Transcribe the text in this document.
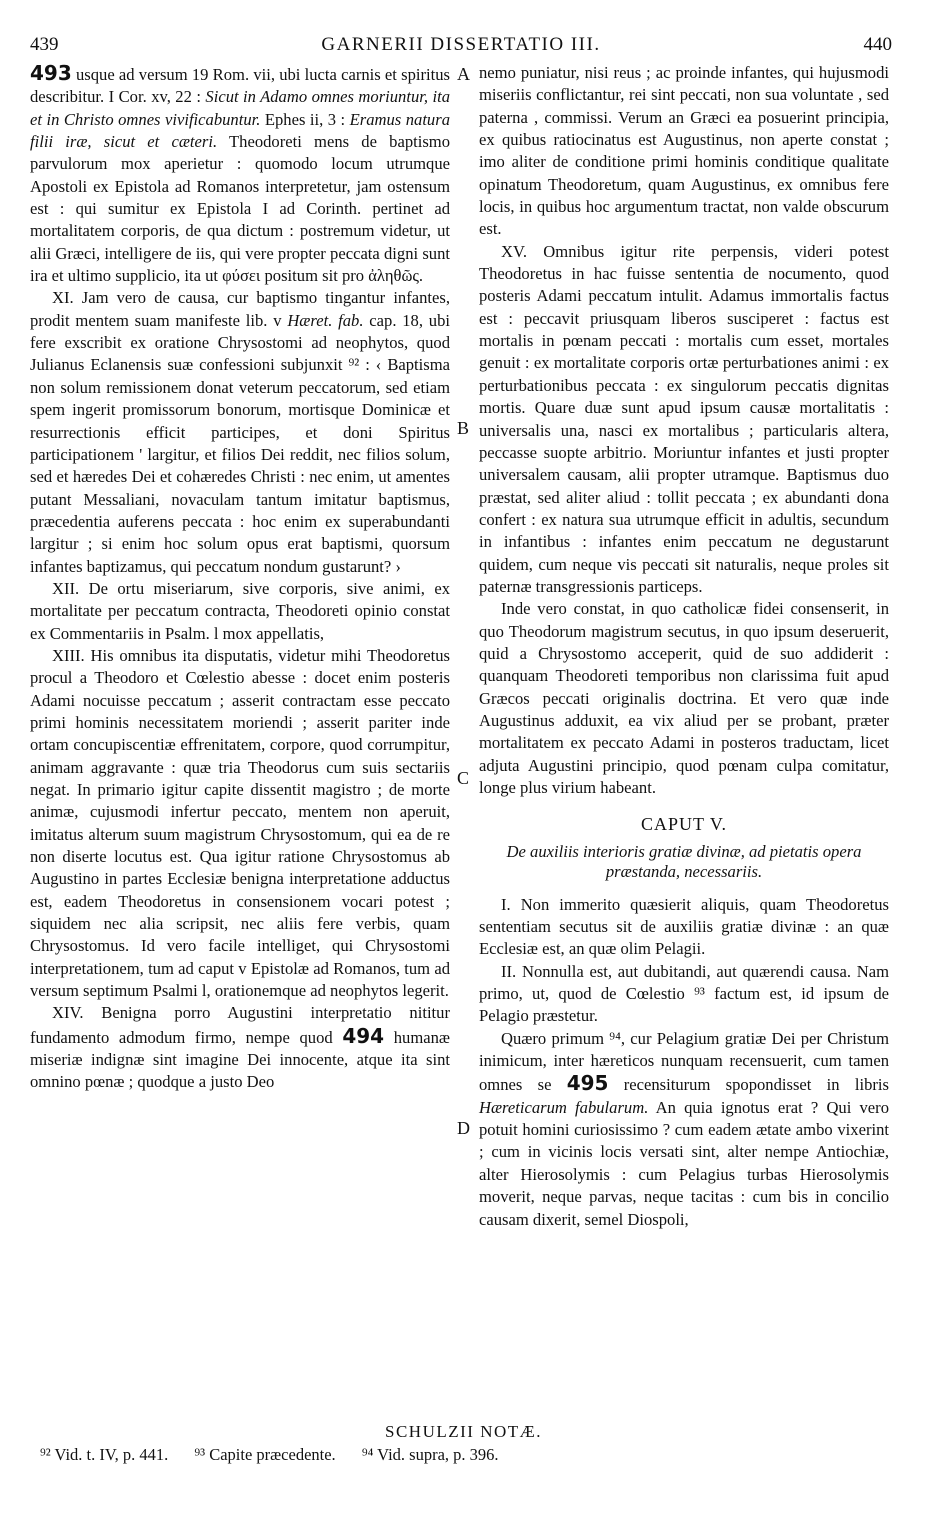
439	GARNERII DISSERTATIO III.	440

493 usque ad versum 19 Rom. vii, ubi lucta carnis et spiritus describitur. I Cor. xv, 22 : Sicut in Adamo omnes moriuntur, ita et in Christo omnes vivificabuntur. Ephes ii, 3 : Eramus natura filii iræ, sicut et cæteri. Theodoreti mens de baptismo parvulorum mox aperietur : quomodo locum utrumque Apostoli ex Epistola ad Romanos interpretetur, jam ostensum est : qui sumitur ex Epistola I ad Corinth. pertinet ad mortalitatem corporis, de qua dictum : postremum videtur, ut alii Græci, intelligere de iis, qui vere propter peccata digni sunt ira et ultimo supplicio, ita ut φύσει positum sit pro ἀληθῶς.

XI. Jam vero de causa, cur baptismo tingantur infantes, prodit mentem suam manifeste lib. v Hæret. fab. cap. 18, ubi fere exscribit ex oratione Chrysostomi ad neophytos, quod Julianus Eclanensis suæ confessioni subjunxit ⁹² : ‹ Baptisma non solum remissionem donat veterum peccatorum, sed etiam spem ingerit promissorum bonorum, mortisque Dominicæ et resurrectionis efficit participes, et doni Spiritus participationem ' largitur, et filios Dei reddit, nec filios solum, sed et hæredes Dei et cohæredes Christi : nec enim, ut amentes putant Messaliani, novaculam tantum imitatur baptismus, præcedentia auferens peccata : hoc enim ex superabundanti largitur ; si enim hoc solum opus erat baptismi, quorsum infantes baptizamus, qui peccatum nondum gustarunt? ›

XII. De ortu miseriarum, sive corporis, sive animi, ex mortalitate per peccatum contracta, Theodoreti opinio constat ex Commentariis in Psalm. l mox appellatis,

XIII. His omnibus ita disputatis, videtur mihi Theodoretus procul a Theodoro et Cœlestio abesse : docet enim posteris Adami nocuisse peccatum ; asserit contractam esse peccato primi hominis necessitatem moriendi ; asserit pariter inde ortam concupiscentiæ effrenitatem, corpore, quod corrumpitur, animam aggravante : quæ tria Theodorus cum suis sectariis negat. In primario igitur capite dissentit magistro ; de morte animæ, cujusmodi infertur peccato, mentem non aperuit, imitatus alterum suum magistrum Chrysostomum, qui ea de re non diserte locutus est. Qua igitur ratione Chrysostomus ab Augustino in partes Ecclesiæ benigna interpretatione adductus est, eadem Theodoretus in consensionem vocari potest ; siquidem nec alia scripsit, nec aliis fere verbis, quam Chrysostomus. Id vero facile intelliget, qui Chrysostomi interpretationem, tum ad caput v Epistolæ ad Romanos, tum ad versum septimum Psalmi l, orationemque ad neophytos legerit.

XIV. Benigna porro Augustini interpretatio nititur fundamento admodum firmo, nempe quod 494 humanæ miseriæ indignæ sint imagine Dei innocente, atque ita sint omnino pœnæ ; quodque a justo Deo

A
B
C
D

nemo puniatur, nisi reus ; ac proinde infantes, qui hujusmodi miseriis conflictantur, rei sint peccati, non sua voluntate , sed paterna , commissi. Verum an Græci ea posuerint principia, ex quibus ratiocinatus est Augustinus, non aperte constat ; imo aliter de conditione primi hominis conditique qualitate opinatum Theodoretum, quam Augustinus, ex omnibus fere locis, in quibus hoc argumentum tractat, non valde obscurum est.

XV. Omnibus igitur rite perpensis, videri potest Theodoretus in hac fuisse sententia de nocumento, quod posteris Adami peccatum intulit. Adamus immortalis factus est : peccavit priusquam liberos susciperet : factus est mortalis in pœnam peccati : mortalis cum esset, mortales genuit : ex mortalitate corporis ortæ perturbationes animi : ex perturbationibus peccata : ex singulorum peccatis dignitas mortis. Quare duæ sunt apud ipsum causæ mortalitatis : universalis una, nasci ex mortalibus ; particularis altera, peccasse suopte arbitrio. Moriuntur infantes et justi propter universalem causam, alii propter utramque. Baptismus duo præstat, sed aliter aliud : tollit peccata ; ex abundanti dona confert : ex natura sua utrumque efficit in adultis, secundum in infantibus : infantes enim peccatum ne degustarunt quidem, cum neque vis peccati sit naturalis, neque proles sit paternæ transgressionis particeps.

Inde vero constat, in quo catholicæ fidei consenserit, in quo Theodorum magistrum secutus, in quo ipsum deseruerit, quid a Chrysostomo acceperit, quid de suo addiderit : quanquam Theodoreti temporibus non clarissima fuit apud Græcos peccati originalis doctrina. Et vero quæ inde Augustinus adduxit, ea vix aliud per se probant, præter mortalitatem ex peccato Adami in posteros traductam, licet adjuta Augustini principio, quod pœnam culpa comitatur, longe plus virium habeant.

CAPUT V.

De auxiliis interioris gratiæ divinæ, ad pietatis opera præstanda, necessariis.

I. Non immerito quæsierit aliquis, quam Theodoretus sententiam secutus sit de auxiliis gratiæ divinæ : an quæ Ecclesiæ est, an quæ olim Pelagii.

II. Nonnulla est, aut dubitandi, aut quærendi causa. Nam primo, ut, quod de Cœlestio ⁹³ factum est, id ipsum de Pelagio præstetur.

Quæro primum ⁹⁴, cur Pelagium gratiæ Dei per Christum inimicum, inter hæreticos nunquam recensuerit, cum tamen omnes se 495 recensiturum spopondisset in libris Hæreticarum fabularum. An quia ignotus erat ? Qui vero potuit homini curiosissimo ? cum eadem ætate ambo vixerint ; cum in vicinis locis versati sint, alter nempe Antiochiæ, alter Hierosolymis : cum Pelagius turbas Hierosolymis moverit, neque parvas, neque tacitas : cum bis in concilio causam dixerit, semel Diospoli,

SCHULZII NOTÆ.
⁹² Vid. t. IV, p. 441. ⁹³ Capite præcedente. ⁹⁴ Vid. supra, p. 396.
